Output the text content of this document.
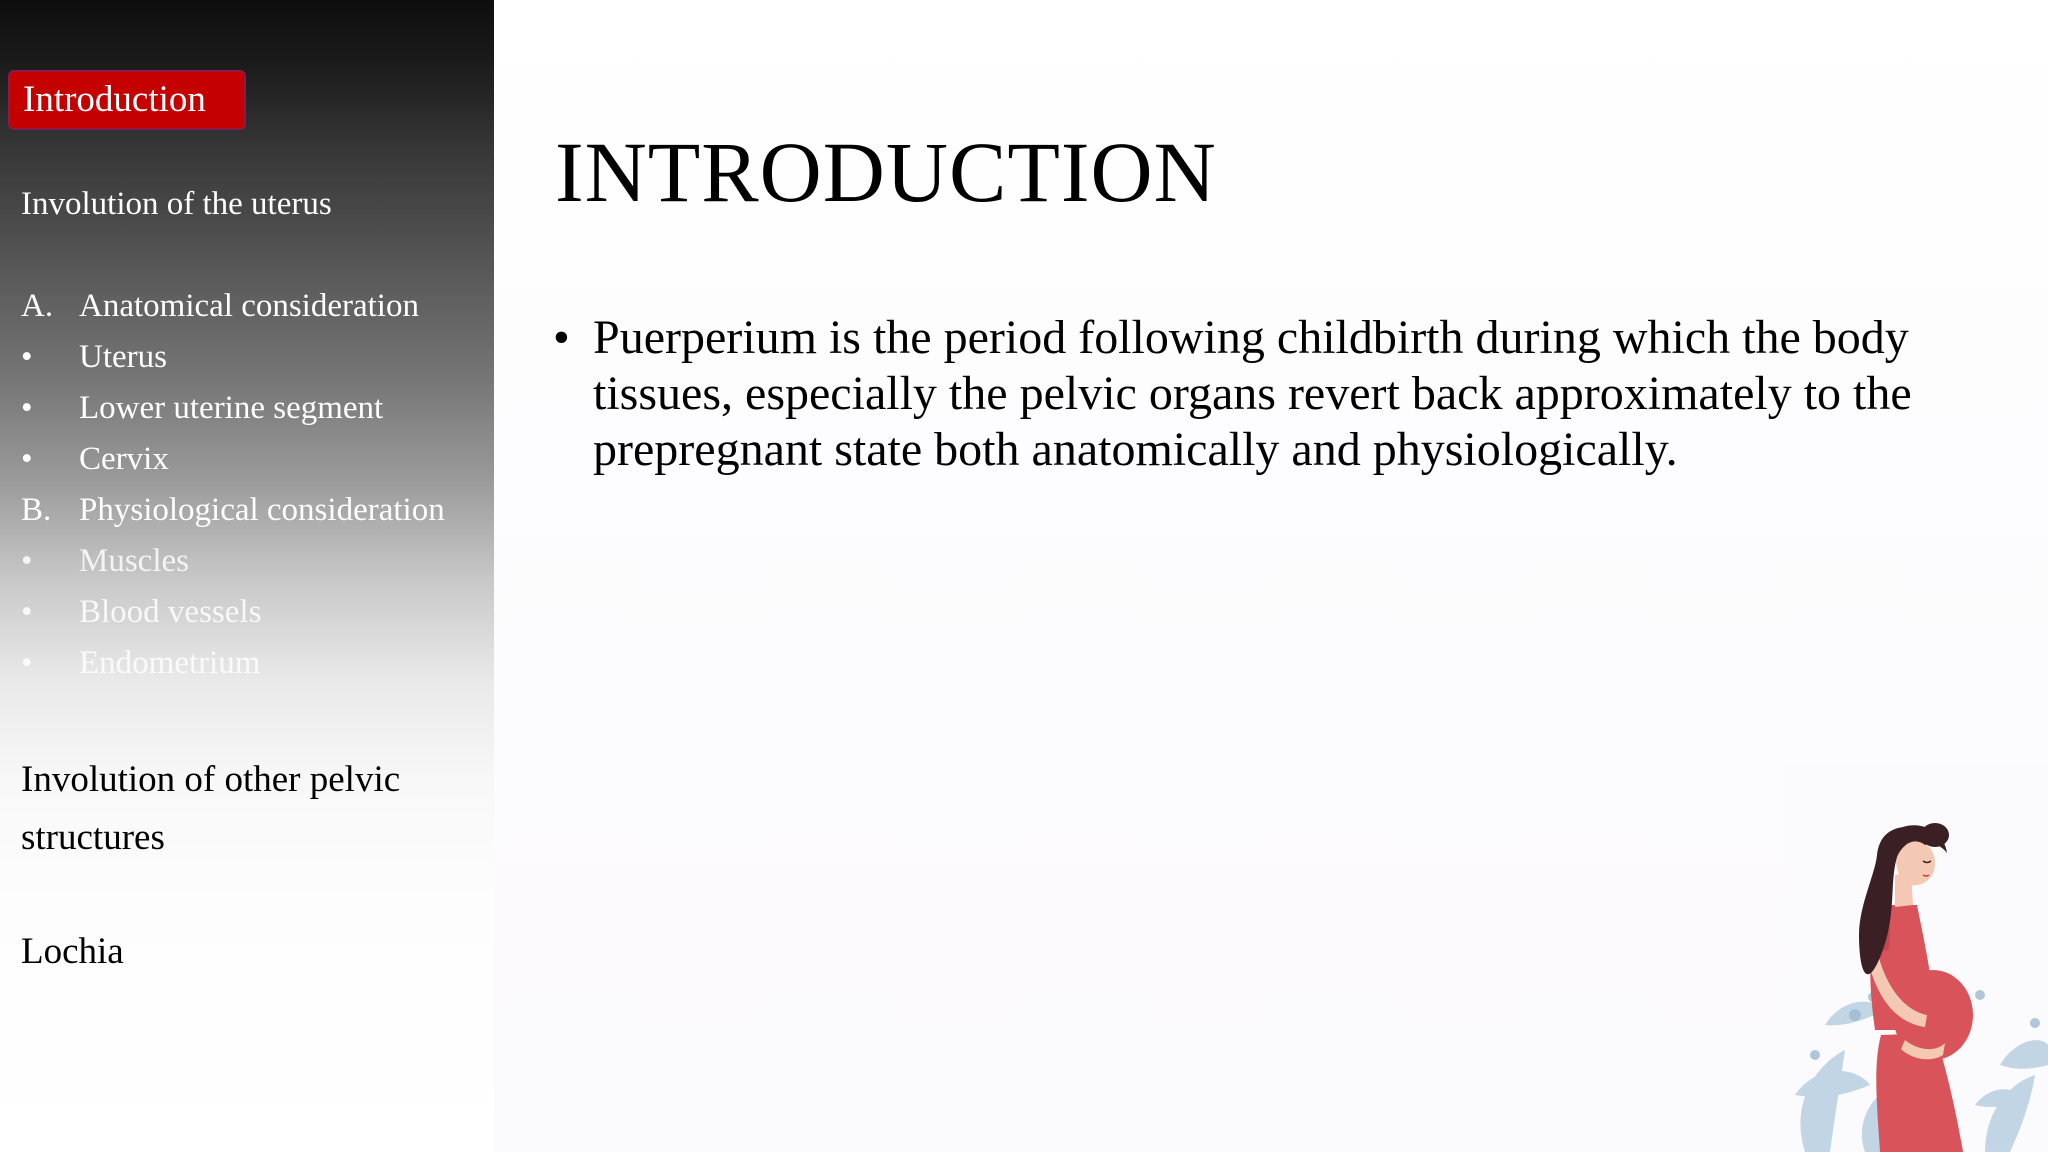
Introduction
Involution of the uterus
A. Anatomical consideration
• Uterus
• Lower uterine segment
• Cervix
B. Physiological consideration
• Muscles
• Blood vessels
• Endometrium
Involution of other pelvic
structures
Lochia
INTRODUCTION
• Puerperium is the period following childbirth during which the body tissues, especially the pelvic organs revert back approximately to the prepregnant state both anatomically and physiologically.
